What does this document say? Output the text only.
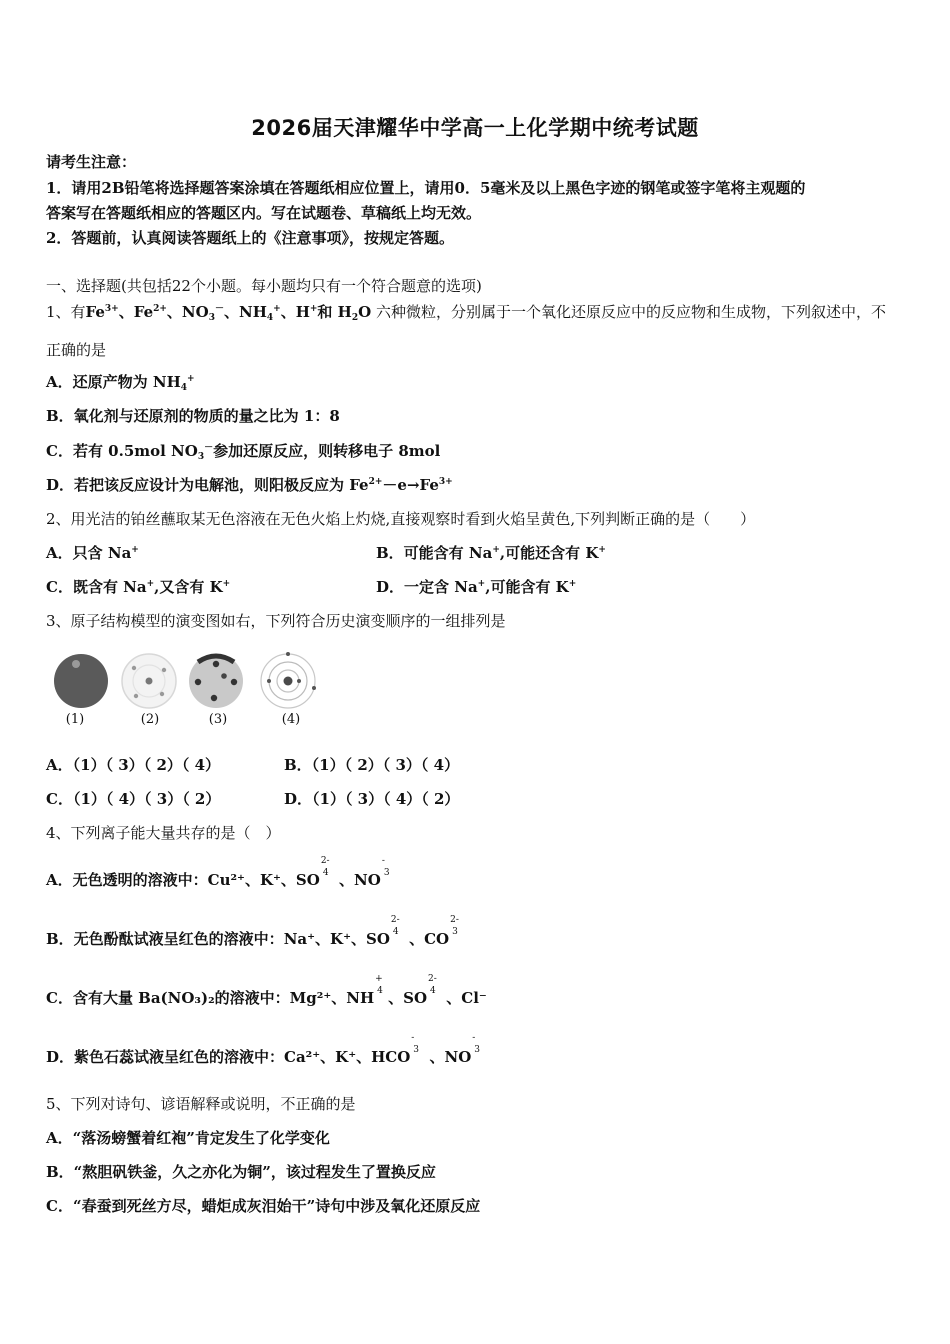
2026届天津耀华中学高一上化学期中统考试题
请考生注意：
1．请用2B铅笔将选择题答案涂填在答题纸相应位置上，请用0．5毫米及以上黑色字迹的钢笔或签字笔将主观题的
答案写在答题纸相应的答题区内。写在试题卷、草稿纸上均无效。
2．答题前，认真阅读答题纸上的《注意事项》，按规定答题。
一、选择题(共包括22个小题。每小题均只有一个符合题意的选项)
1、有$Fe^{3+}$、$Fe^{2+}$、$NO_3^-$、$NH_4^+$、H+和 $H_2O$ 六种微粒，分别属于一个氧化还原反应中的反应物和生成物，下列叙述中，不
正确的是
A．还原产物为 $NH_4^+$
B．氧化剂与还原剂的物质的量之比为 1：8
C．若有 0.5mol $NO_3^-$参加还原反应，则转移电子 8mol
D．若把该反应设计为电解池，则阳极反应为 $Fe^{2+}-e\to Fe^{3+}$
2、用光洁的铂丝蘸取某无色溶液在无色火焰上灼烧,直接观察时看到火焰呈黄色,下列判断正确的是（　　）
A．只含 Na+	B．可能含有 Na+,可能还含有 K+
C．既含有 Na+,又含有 K+	D．一定含 Na+,可能含有 K+
3、原子结构模型的演变图如右，下列符合历史演变顺序的一组排列是
(1)	(2)	(3)	(4)
A．（1）（ 3）（ 2）（ 4）	B．（1）（ 2）（ 3）（ 4）
C．（1）（ 4）（ 3）（ 2）	D．（1）（ 3）（ 4）（ 2）
4、下列离子能大量共存的是（　）
A．无色透明的溶液中：Cu²⁺、K⁺、SO
2-
4 、NO
-
3
B．无色酚酞试液呈红色的溶液中：Na⁺、K⁺、SO
2-
4 、CO
2-
3
C．含有大量 Ba(NO₃)₂的溶液中：Mg²⁺、NH
+
4 、SO
2-
4 、Cl⁻
D．紫色石蕊试液呈红色的溶液中：Ca²⁺、K⁺、HCO
-
3 、NO
-
3
5、下列对诗句、谚语解释或说明，不正确的是
A．“落汤螃蟹着红袍”肯定发生了化学变化
B．“熬胆矾铁釜，久之亦化为铜”，该过程发生了置换反应
C．“春蚕到死丝方尽，蜡炬成灰泪始干”诗句中涉及氧化还原反应
